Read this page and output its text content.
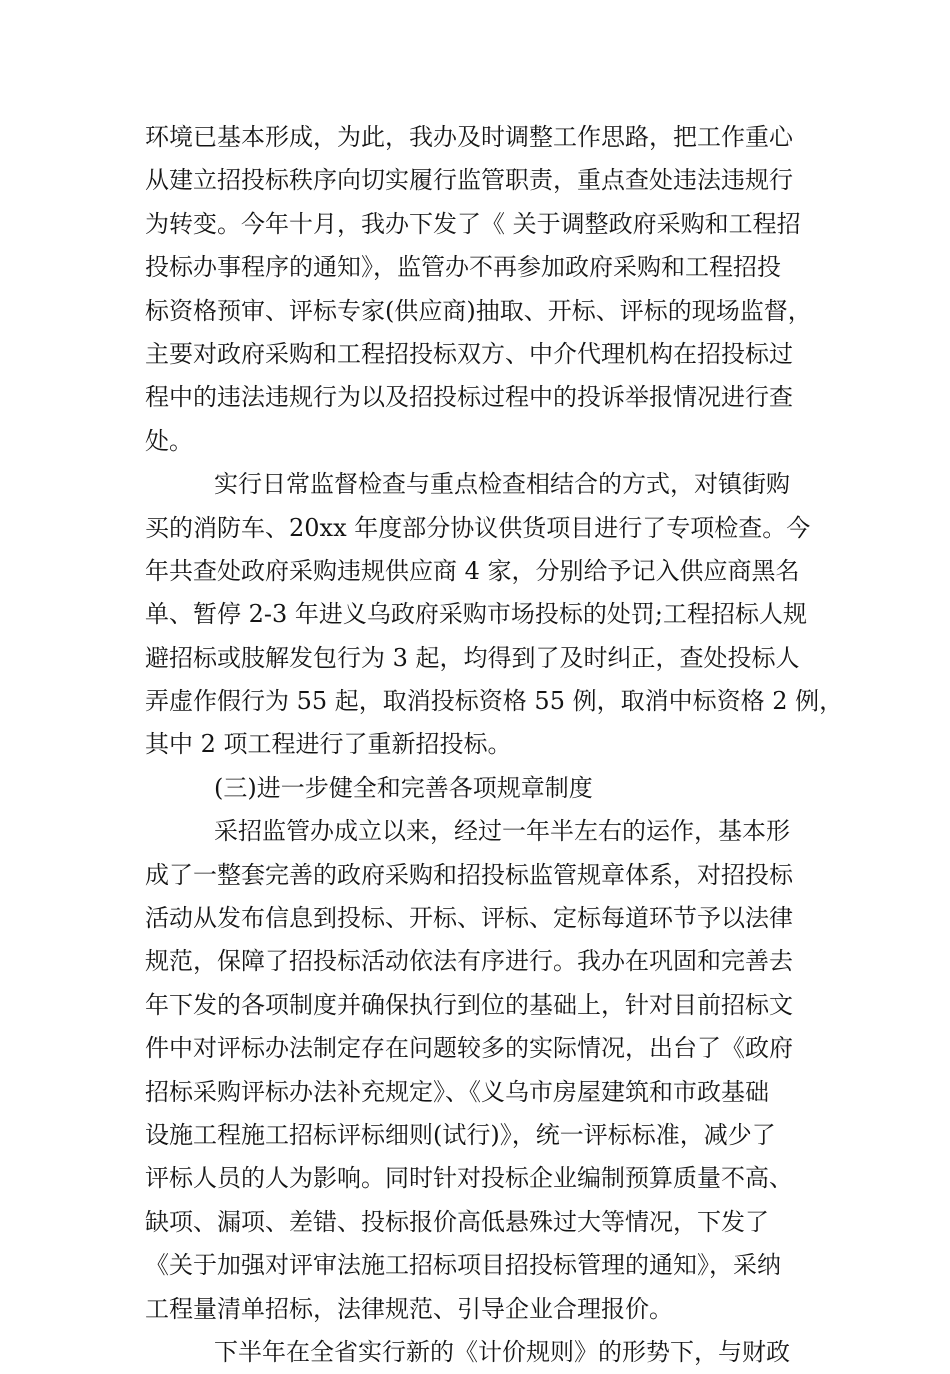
环境已基本形成，为此，我办及时调整工作思路，把工作重心
从建立招投标秩序向切实履行监管职责，重点查处违法违规行
为转变。今年十月，我办下发了《 关于调整政府采购和工程招
投标办事程序的通知》，监管办不再参加政府采购和工程招投
标资格预审、评标专家(供应商)抽取、开标、评标的现场监督，
主要对政府采购和工程招投标双方、中介代理机构在招投标过
程中的违法违规行为以及招投标过程中的投诉举报情况进行查
处。
实行日常监督检查与重点检查相结合的方式，对镇街购
买的消防车、20xx 年度部分协议供货项目进行了专项检查。今
年共查处政府采购违规供应商 4 家，分别给予记入供应商黑名
单、暂停 2-3 年进义乌政府采购市场投标的处罚;工程招标人规
避招标或肢解发包行为 3 起，均得到了及时纠正，查处投标人
弄虚作假行为 55 起，取消投标资格 55 例，取消中标资格 2 例，
其中 2 项工程进行了重新招投标。
(三)进一步健全和完善各项规章制度
采招监管办成立以来，经过一年半左右的运作，基本形
成了一整套完善的政府采购和招投标监管规章体系，对招投标
活动从发布信息到投标、开标、评标、定标每道环节予以法律
规范，保障了招投标活动依法有序进行。我办在巩固和完善去
年下发的各项制度并确保执行到位的基础上，针对目前招标文
件中对评标办法制定存在问题较多的实际情况，出台了《政府
招标采购评标办法补充规定》、《义乌市房屋建筑和市政基础
设施工程施工招标评标细则(试行)》，统一评标标准，减少了
评标人员的人为影响。同时针对投标企业编制预算质量不高、
缺项、漏项、差错、投标报价高低悬殊过大等情况，下发了
《关于加强对评审法施工招标项目招投标管理的通知》，采纳
工程量清单招标，法律规范、引导企业合理报价。
下半年在全省实行新的《计价规则》的形势下，与财政
